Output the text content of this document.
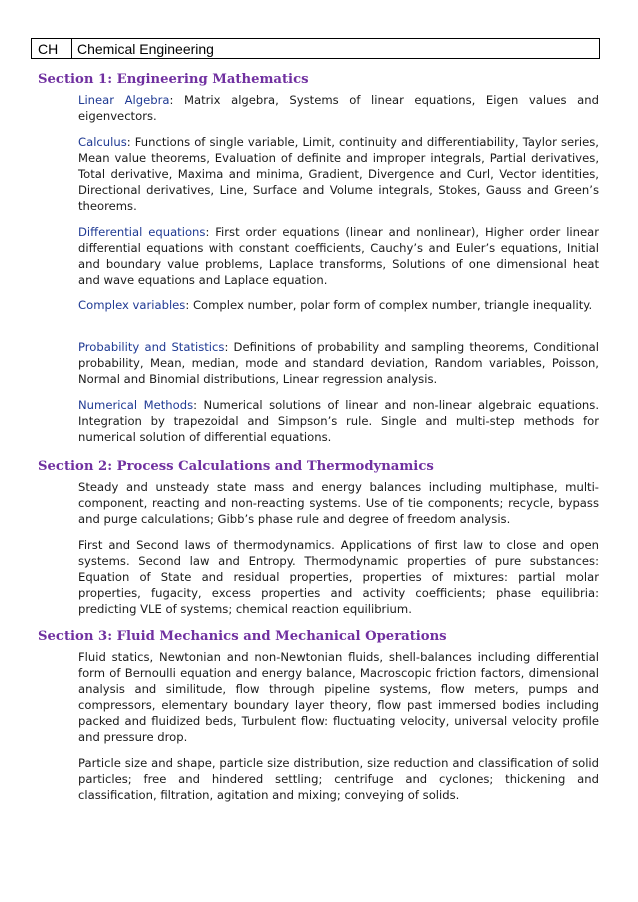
CH	Chemical Engineering
Section 1: Engineering Mathematics

Linear Algebra: Matrix algebra, Systems of linear equations, Eigen values and eigenvectors.

Calculus: Functions of single variable, Limit, continuity and differentiability, Taylor series, Mean value theorems, Evaluation of definite and improper integrals, Partial derivatives, Total derivative, Maxima and minima, Gradient, Divergence and Curl, Vector identities, Directional derivatives, Line, Surface and Volume integrals, Stokes, Gauss and Green’s theorems.

Differential equations: First order equations (linear and nonlinear), Higher order linear differential equations with constant coefficients, Cauchy’s and Euler’s equations, Initial and boundary value problems, Laplace transforms, Solutions of one dimensional heat and wave equations and Laplace equation.

Complex variables: Complex number, polar form of complex number, triangle inequality.

Probability and Statistics: Definitions of probability and sampling theorems, Conditional probability, Mean, median, mode and standard deviation, Random variables, Poisson, Normal and Binomial distributions, Linear regression analysis.

Numerical Methods: Numerical solutions of linear and non-linear algebraic equations. Integration by trapezoidal and Simpson’s rule. Single and multi-step methods for numerical solution of differential equations.

Section 2: Process Calculations and Thermodynamics

Steady and unsteady state mass and energy balances including multiphase, multi-component, reacting and non-reacting systems. Use of tie components; recycle, bypass and purge calculations; Gibb’s phase rule and degree of freedom analysis.

First and Second laws of thermodynamics. Applications of first law to close and open systems. Second law and Entropy. Thermodynamic properties of pure substances: Equation of State and residual properties, properties of mixtures: partial molar properties, fugacity, excess properties and activity coefficients; phase equilibria: predicting VLE of systems; chemical reaction equilibrium.

Section 3: Fluid Mechanics and Mechanical Operations

Fluid statics, Newtonian and non-Newtonian fluids, shell-balances including differential form of Bernoulli equation and energy balance, Macroscopic friction factors, dimensional analysis and similitude, flow through pipeline systems, flow meters, pumps and compressors, elementary boundary layer theory, flow past immersed bodies including packed and fluidized beds, Turbulent flow: fluctuating velocity, universal velocity profile and pressure drop.

Particle size and shape, particle size distribution, size reduction and classification of solid particles; free and hindered settling; centrifuge and cyclones; thickening and classification, filtration, agitation and mixing; conveying of solids.
